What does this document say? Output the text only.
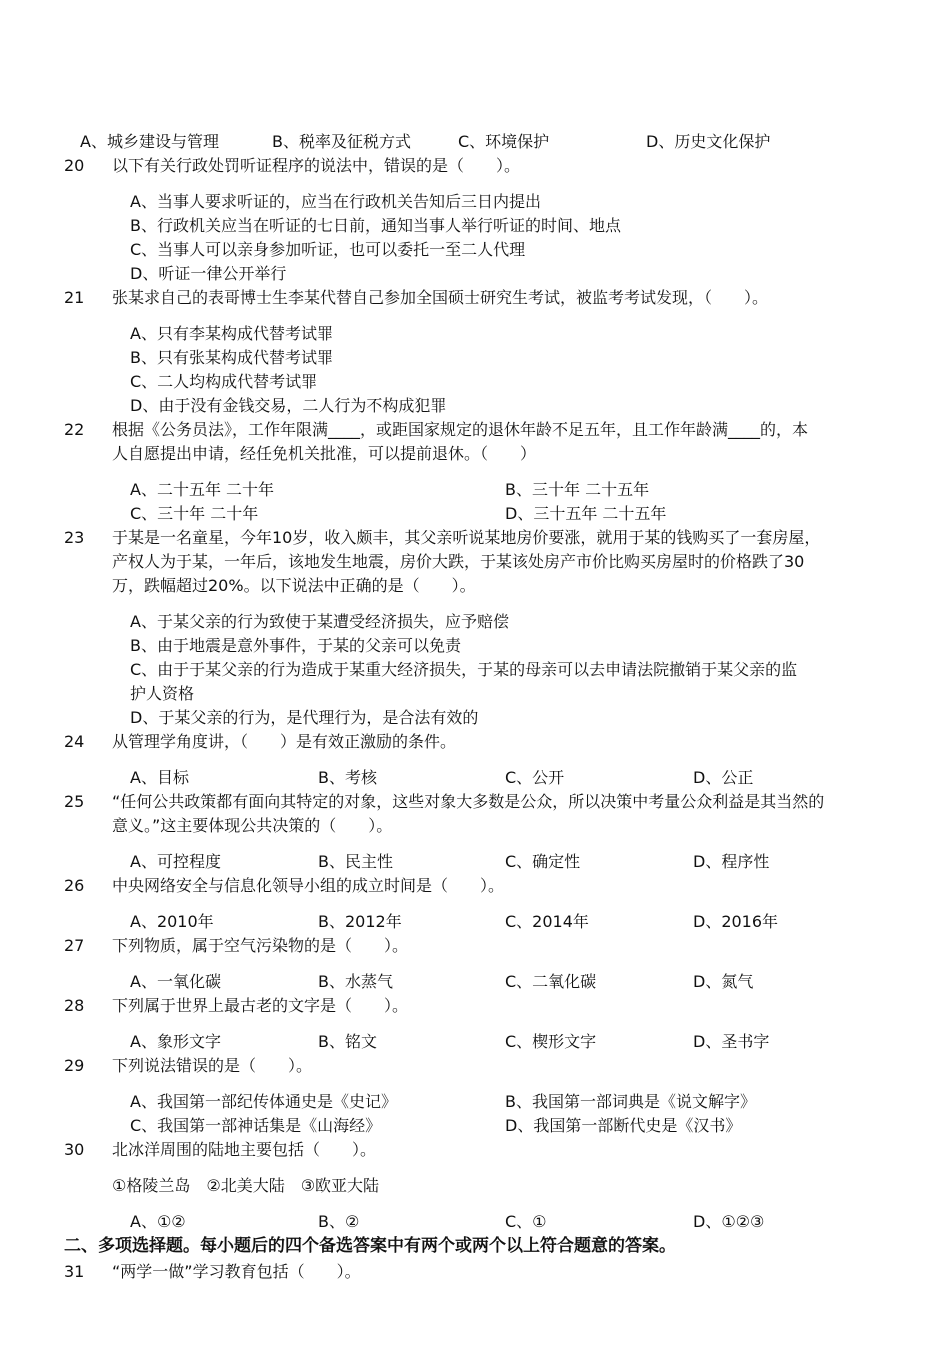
A、城乡建设与管理	B、税率及征税方式	C、环境保护	D、历史文化保护
20	以下有关行政处罚听证程序的说法中，错误的是（　　）。
A、当事人要求听证的，应当在行政机关告知后三日内提出
B、行政机关应当在听证的七日前，通知当事人举行听证的时间、地点
C、当事人可以亲身参加听证，也可以委托一至二人代理
D、听证一律公开举行
21	张某求自己的表哥博士生李某代替自己参加全国硕士研究生考试，被监考考试发现，（　　）。
A、只有李某构成代替考试罪
B、只有张某构成代替考试罪
C、二人均构成代替考试罪
D、由于没有金钱交易，二人行为不构成犯罪
22	根据《公务员法》，工作年限满____，或距国家规定的退休年龄不足五年，且工作年龄满____的，本
人自愿提出申请，经任免机关批准，可以提前退休。（　　）
A、二十五年 二十年	B、三十年 二十五年
C、三十年 二十年	D、三十五年 二十五年
23	于某是一名童星，今年10岁，收入颇丰，其父亲听说某地房价要涨，就用于某的钱购买了一套房屋，
产权人为于某，一年后，该地发生地震，房价大跌，于某该处房产市价比购买房屋时的价格跌了30
万，跌幅超过20%。以下说法中正确的是（　　）。
A、于某父亲的行为致使于某遭受经济损失，应予赔偿
B、由于地震是意外事件，于某的父亲可以免责
C、由于于某父亲的行为造成于某重大经济损失，于某的母亲可以去申请法院撤销于某父亲的监
护人资格
D、于某父亲的行为，是代理行为，是合法有效的
24	从管理学角度讲，（　　）是有效正激励的条件。
A、目标	B、考核	C、公开	D、公正
25	“任何公共政策都有面向其特定的对象，这些对象大多数是公众，所以决策中考量公众利益是其当然的
意义。”这主要体现公共决策的（　　）。
A、可控程度	B、民主性	C、确定性	D、程序性
26	中央网络安全与信息化领导小组的成立时间是（　　）。
A、2010年	B、2012年	C、2014年	D、2016年
27	下列物质，属于空气污染物的是（　　）。
A、一氧化碳	B、水蒸气	C、二氧化碳	D、氮气
28	下列属于世界上最古老的文字是（　　）。
A、象形文字	B、铭文	C、楔形文字	D、圣书字
29	下列说法错误的是（　　）。
A、我国第一部纪传体通史是《史记》	B、我国第一部词典是《说文解字》
C、我国第一部神话集是《山海经》	D、我国第一部断代史是《汉书》
30	北冰洋周围的陆地主要包括（　　）。
①格陵兰岛　②北美大陆　③欧亚大陆
A、①②	B、②	C、①	D、①②③
二、多项选择题。每小题后的四个备选答案中有两个或两个以上符合题意的答案。
31	“两学一做”学习教育包括（　　）。
